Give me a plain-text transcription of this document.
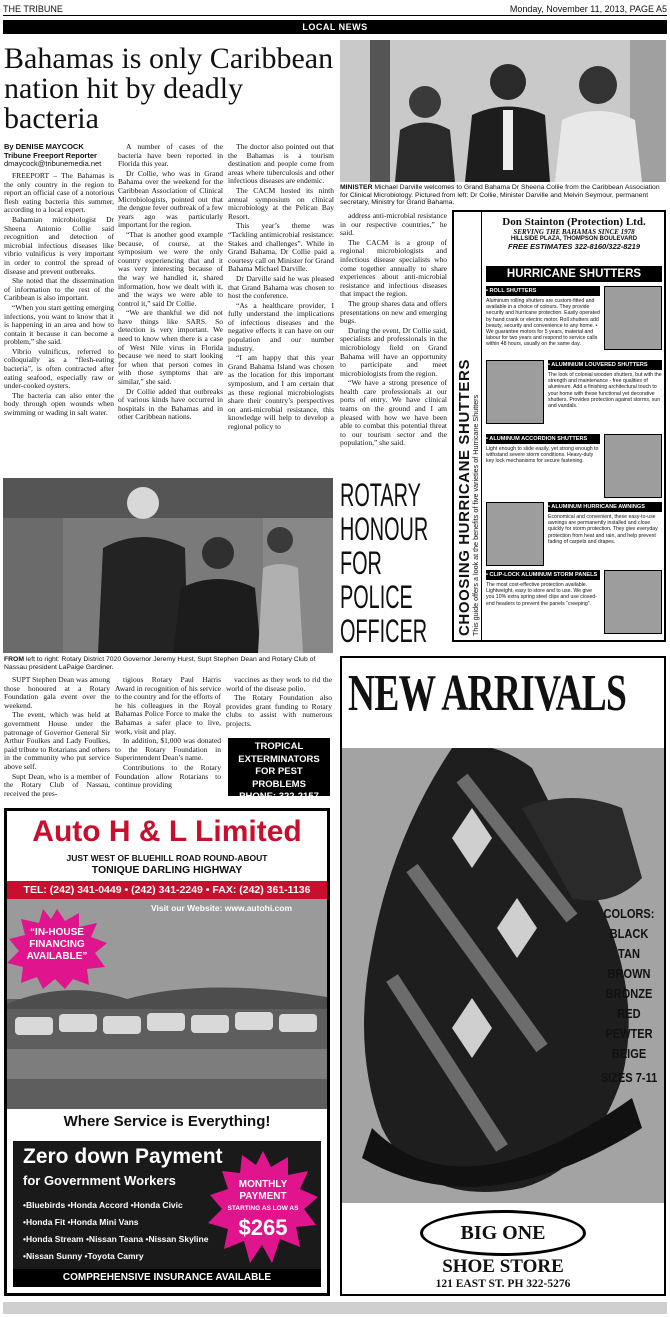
THE TRIBUNE	Monday, November 11, 2013, PAGE A5
LOCAL NEWS
Bahamas is only Caribbean nation hit by deadly bacteria
By DENISE MAYCOCK
Tribune Freeport Reporter
dmaycock@tribunemedia.net

FREEPORT – The Bahamas is the only country in the region to report an official case of a notorious flesh eating bacteria this summer, according to a local expert.

Bahamian microbiologist Dr Sheena Antonio Collie said recognition and detection of microbial infectious diseases like vibrio vulnificus is very important in order to control the spread of disease and prevent outbreaks.

She noted that the dissemination of information to the rest of the Caribbean is also important.

“When you start getting emerging infections, you want to know that it is happening in an area and how to contain it because it can become a problem,” she said.

Vibrio vulnificus, referred to colloquially as a “flesh-eating bacteria”, is often contracted after eating seafood, especially raw or under-cooked oysters.

The bacteria can also enter the body through open wounds when swimming or wading in salt water.

A number of cases of the bacteria have been reported in Florida this year.

Dr Collie, who was in Grand Bahama over the weekend for the Caribbean Association of Clinical Microbiologists, pointed out that the dengue fever outbreak of a few years ago was particularly important for the region.

“That is another good example because, of course, at the symposium we were the only country experiencing that and it was very interesting because of the way we handled it, shared information, how we dealt with it, and the ways we were able to control it,” said Dr Collie.

“We are thankful we did not have things like SARS. So detection is very important. We need to know when there is a case of West Nile virus in Florida because we need to start looking for when that person comes in with those symptoms that are similar,” she said.

Dr Collie added that outbreaks of various kinds have occurred in hospitals in the Bahamas and in other Caribbean nations.

The doctor also pointed out that the Bahamas is a tourism destination and people come from areas where tuberculosis and other infectious diseases are endemic.

The CACM hosted its ninth annual symposium on clinical microbiology at the Pelican Bay Resort.

This year’s theme was “Tackling antimicrobial resistance: Stakes and challenges”. While in Grand Bahama, Dr Collie paid a courtesy call on Minister for Grand Bahama Michael Darville.

Dr Darville said he was pleased that Grand Bahama was chosen to host the conference.

“As a healthcare provider, I fully understand the implications of infectious diseases and the negative effects it can have on our population and our number industry.

“I am happy that this year Grand Bahama Island was chosen as the location for this important symposium, and I am certain that as these regional microbiologists share their country’s perspectives on anti-microbial resistance, this knowledge will help to develop a regional policy to

MINISTER Michael Darville welcomes to Grand Bahama Dr Sheena Collie from the Caribbean Association for Clinical Microbiology. Pictured from left: Dr Collie, Minister Darville and Melvin Seymour, permanent secretary, Ministry for Grand Bahama.

address anti-microbial resistance in our respective countries,” he said.

The CACM is a group of regional microbiologists and infectious disease specialists who come together annually to share experiences about anti-microbial resistance and infectious diseases that impact the region.

The group shares data and offers presentations on new and emerging bugs.

During the event, Dr Collie said, specialists and professionals in the microbiology field on Grand Bahama will have an opportunity to participate and meet microbiologists from the region.

“We have a strong presence of health care professionals at our ports of entry. We have clinical teams on the ground and I am pleased with how we have been able to combat this potential threat to our tourism sector and the population,” she said.	CHOOSING HURRICANE SHUTTERS
This guide offers a look at the benefits of five varieties of Hurricane Shutters
Don Stainton (Protection) Ltd.
SERVING THE BAHAMAS SINCE 1978
HILLSIDE PLAZA, THOMPSON BOULEVARD
FREE ESTIMATES 322-8160/322-8219
HURRICANE SHUTTERS
• ROLL SHUTTERS
Aluminum rolling shutters are custom-fitted and available in a choice of colours. They provide security and hurricane protection. Easily operated by hand crank or electric motor. Roll shutters add beauty, security and convenience to any home. • We guarantee motors for 5 years, material and labour for two years and respond to service calls within 48 hours, usually on the same day.
• ALUMINIUM LOUVERED SHUTTERS
The look of colonial wooden shutters, but with the strength and maintenance - free qualities of aluminum. Add a finishing architectural touch to your home with these functional yet decorative shutters. Provides protection against storms, sun and vandals.
• ALUMINUM ACCORDION SHUTTERS
Light enough to slide easily, yet strong enough to withstand severe storm conditions. Heavy-duty key lock mechanisms for secure fastening.
• ALUMINUM HURRICANE AWNINGS
Economical and convenient, these easy-to-use awnings are permanently installed and close quickly for storm protection. They give everyday protection from heat and rain, and help prevent fading of carpets and drapes.
• CLIP-LOCK ALUMINUM STORM PANELS
The most cost-effective protection available. Lightweight, easy to store and to use. We give you 10% extra spring steel clips and use closed-end headers to prevent the panels “creeping”.
ROTARY
HONOUR
FOR
POLICE
OFFICER
FROM left to right: Rotary District 7020 Governor Jeremy Hurst, Supt Stephen Dean and Rotary Club of Nassau president LaPaige Gardiner.

SUPT Stephen Dean was among those honoured at a Rotary Foundation gala event over the weekend.

The event, which was held at government House under the patronage of Governor General Sir Arthur Foulkes and Lady Foulkes, paid tribute to Rotarians and others in the community who put service above self.

Supt Dean, who is a member of the Rotary Club of Nassau, received the pres-

tigious Rotary Paul Harris Award in recognition of his service to the country and for the efforts of he his colleagues in the Royal Bahamas Police Force to make the Bahamas a safer place to live, work, visit and play.

In addition, $1,000 was donated to the Rotary Foundation in Superintendent Dean’s name.

Contributions to the Rotary Foundation allow Rotarians to continue providing

vaccines as they work to rid the world of the disease polio.

The Rotary Foundation also provides grant funding to Rotary clubs to assist with numerous projects.

TROPICAL
EXTERMINATORS
FOR PEST PROBLEMS
PHONE: 322-2157
Auto H & L Limited
JUST WEST OF BLUEHILL ROAD ROUND-ABOUT
TONIQUE DARLING HIGHWAY
TEL: (242) 341-0449 • (242) 341-2249 • FAX: (242) 361-1136
Visit our Website: www.autohi.com
“IN-HOUSE FINANCING AVAILABLE”
Where Service is Everything!
Zero down Payment
for Government Workers
•Bluebirds •Honda Accord •Honda Civic
•Honda Fit •Honda Mini Vans
•Honda Stream •Nissan Teana •Nissan Skyline
•Nissan Sunny •Toyota Camry
COMPREHENSIVE INSURANCE AVAILABLE
MONTHLY
PAYMENT
STARTING AS LOW AS
$265
NEW ARRIVALS
COLORS:
BLACK
TAN
BROWN
BRONZE
RED
PEWTER
BEIGE
SIZES 7-11
BIG ONE
SHOE STORE
121 EAST ST. PH 322-5276
